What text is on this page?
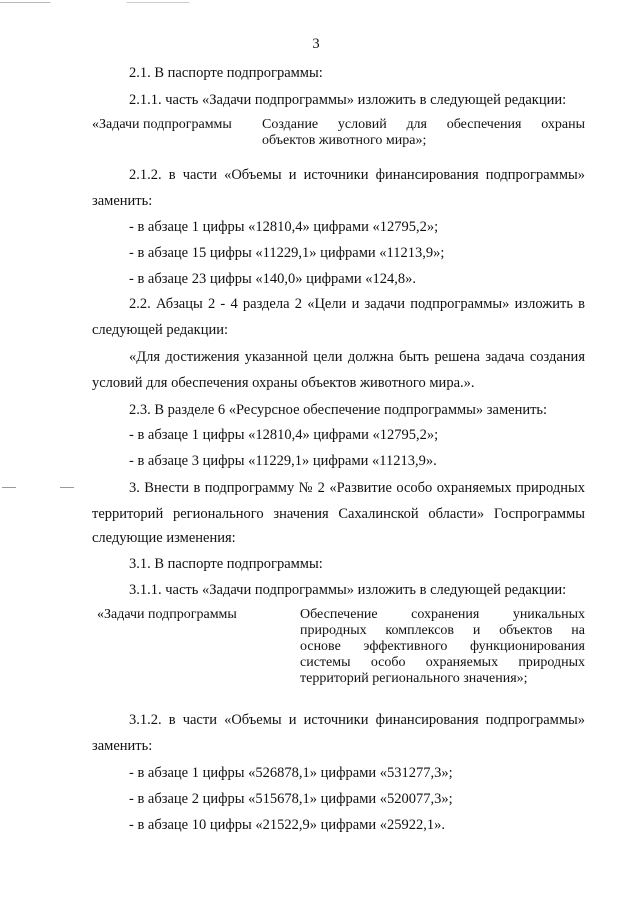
3
2.1. В паспорте подпрограммы:
2.1.1. часть «Задачи подпрограммы» изложить в следующей редакции:
«Задачи подпрограммы Создание условий для обеспечения охраны
объектов животного мира»;
2.1.2. в части «Объемы и источники финансирования подпрограммы»
заменить:
- в абзаце 1 цифры «12810,4» цифрами «12795,2»;
- в абзаце 15 цифры «11229,1» цифрами «11213,9»;
- в абзаце 23 цифры «140,0» цифрами «124,8».
2.2. Абзацы 2 - 4 раздела 2 «Цели и задачи подпрограммы» изложить в
следующей редакции:
«Для достижения указанной цели должна быть решена задача создания
условий для обеспечения охраны объектов животного мира.».
2.3. В разделе 6 «Ресурсное обеспечение подпрограммы» заменить:
- в абзаце 1 цифры «12810,4» цифрами «12795,2»;
- в абзаце 3 цифры «11229,1» цифрами «11213,9».
3. Внести в подпрограмму № 2 «Развитие особо охраняемых природных
территорий регионального значения Сахалинской области» Госпрограммы
следующие изменения:
3.1. В паспорте подпрограммы:
3.1.1. часть «Задачи подпрограммы» изложить в следующей редакции:
«Задачи подпрограммы	Обеспечение сохранения уникальных
природных комплексов и объектов на
основе эффективного функционирования
системы особо охраняемых природных
территорий регионального значения»;
3.1.2. в части «Объемы и источники финансирования подпрограммы»
заменить:
- в абзаце 1 цифры «526878,1» цифрами «531277,3»;
- в абзаце 2 цифры «515678,1» цифрами «520077,3»;
- в абзаце 10 цифры «21522,9» цифрами «25922,1».
